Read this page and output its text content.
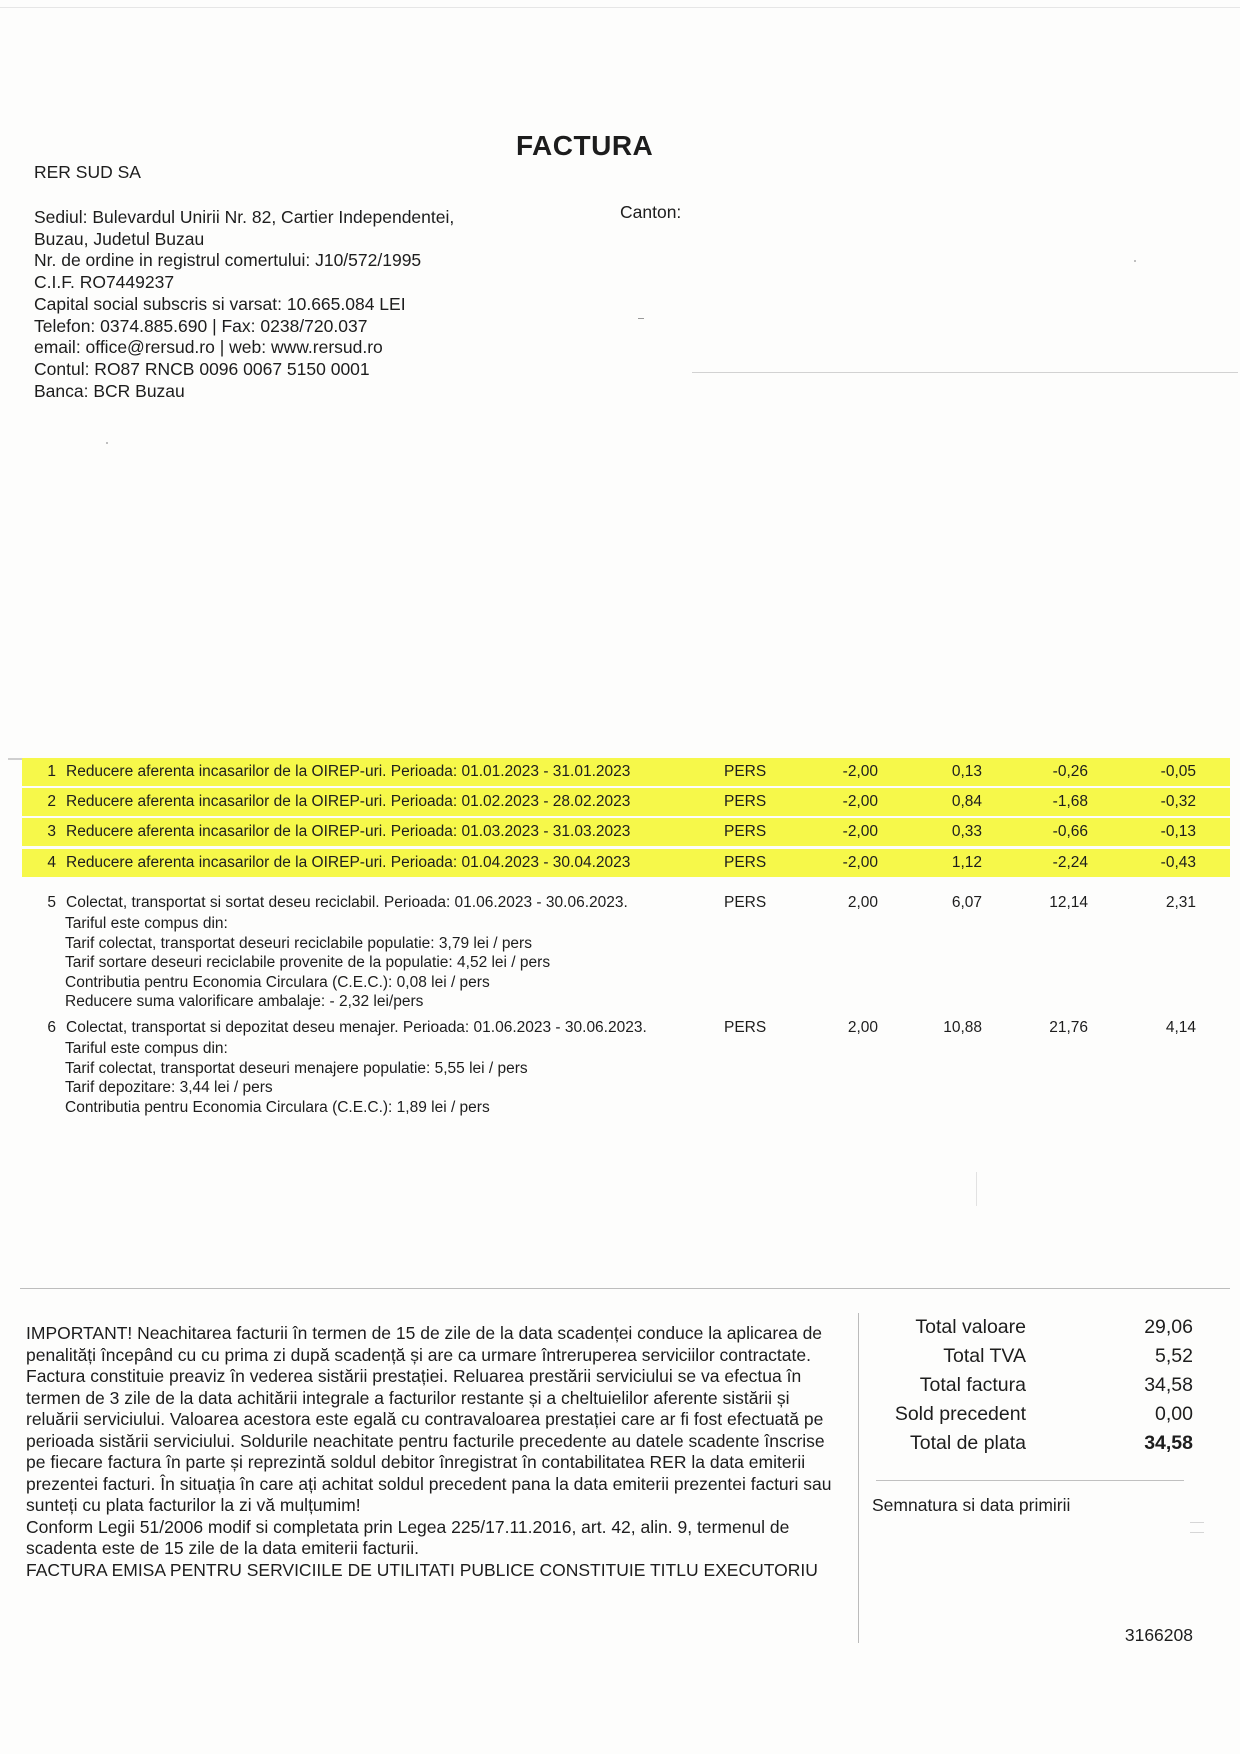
FACTURA
RER SUD SA
Sediul: Bulevardul Unirii Nr. 82, Cartier Independentei,
Buzau, Judetul Buzau
Nr. de ordine in registrul comertului: J10/572/1995
C.I.F. RO7449237
Capital social subscris si varsat: 10.665.084 LEI
Telefon: 0374.885.690 | Fax: 0238/720.037
email: office@rersud.ro | web: www.rersud.ro
Contul: RO87 RNCB 0096 0067 5150 0001
Banca: BCR Buzau
Canton:
1 Reducere aferenta incasarilor de la OIREP-uri. Perioada: 01.01.2023 - 31.01.2023	PERS	-2,00	0,13	-0,26	-0,05
2 Reducere aferenta incasarilor de la OIREP-uri. Perioada: 01.02.2023 - 28.02.2023	PERS	-2,00	0,84	-1,68	-0,32
3 Reducere aferenta incasarilor de la OIREP-uri. Perioada: 01.03.2023 - 31.03.2023	PERS	-2,00	0,33	-0,66	-0,13
4 Reducere aferenta incasarilor de la OIREP-uri. Perioada: 01.04.2023 - 30.04.2023	PERS	-2,00	1,12	-2,24	-0,43
5 Colectat, transportat si sortat deseu reciclabil. Perioada: 01.06.2023 - 30.06.2023.	PERS	2,00	6,07	12,14	2,31
Tariful este compus din:
Tarif colectat, transportat deseuri reciclabile populatie: 3,79 lei / pers
Tarif sortare deseuri reciclabile provenite de la populatie: 4,52 lei / pers
Contributia pentru Economia Circulara (C.E.C.): 0,08 lei / pers
Reducere suma valorificare ambalaje: - 2,32 lei/pers
6 Colectat, transportat si depozitat deseu menajer. Perioada: 01.06.2023 - 30.06.2023.	PERS	2,00	10,88	21,76	4,14
Tariful este compus din:
Tarif colectat, transportat deseuri menajere populatie: 5,55 lei / pers
Tarif depozitare: 3,44 lei / pers
Contributia pentru Economia Circulara (C.E.C.): 1,89 lei / pers

IMPORTANT! Neachitarea facturii în termen de 15 de zile de la data scadenței conduce la aplicarea de penalități începând cu cu prima zi după scadență și are ca urmare întreruperea serviciilor contractate. Factura constituie preaviz în vederea sistării prestației. Reluarea prestării serviciului se va efectua în termen de 3 zile de la data achitării integrale a facturilor restante și a cheltuielilor aferente sistării și reluării serviciului. Valoarea acestora este egală cu contravaloarea prestației care ar fi fost efectuată pe perioada sistării serviciului. Soldurile neachitate pentru facturile precedente au datele scadente înscrise pe fiecare factura în parte și reprezintă soldul debitor înregistrat în contabilitatea RER la data emiterii prezentei facturi. În situația în care ați achitat soldul precedent pana la data emiterii prezentei facturi sau sunteți cu plata facturilor la zi vă mulțumim!

Conform Legii 51/2006 modif si completata prin Legea 225/17.11.2016, art. 42, alin. 9, termenul de scadenta este de 15 zile de la data emiterii facturii.

FACTURA EMISA PENTRU SERVICIILE DE UTILITATI PUBLICE CONSTITUIE TITLU EXECUTORIU

Total valoare	29,06
Total TVA	5,52
Total factura	34,58
Sold precedent	0,00
Total de plata	34,58
Semnatura si data primirii
3166208
